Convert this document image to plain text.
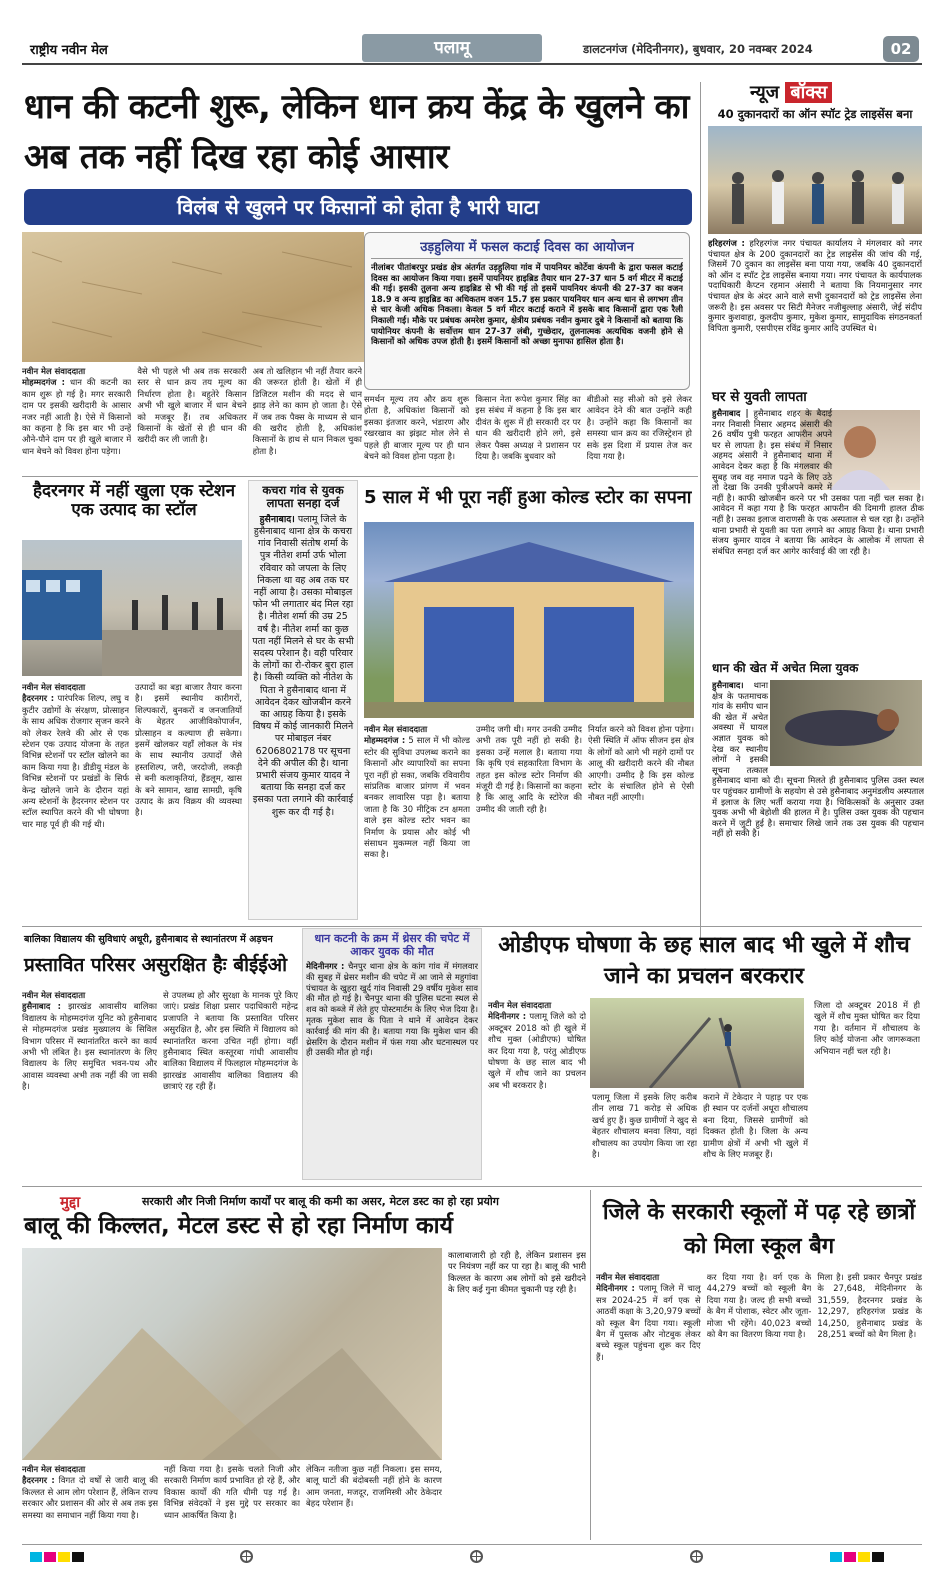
राष्ट्रीय नवीन मेल	पलामू	डालटनगंज (मेदिनीनगर), बुधवार, 20 नवम्बर 2024	02
धान की कटनी शुरू, लेकिन धान क्रय केंद्र के खुलने का अब तक नहीं दिख रहा कोई आसार
विलंब से खुलने पर किसानों को होता है भारी घाटा
उड़हुलिया में फसल कटाई दिवस का आयोजन

नीलांबर पीतांबरपुर प्रखंड क्षेत्र अंतर्गत उड़हुलिया गांव में पायनियर कोर्टेवा कंपनी के द्वारा फसल कटाई दिवस का आयोजन किया गया। इसमें पायनियर हाइब्रिड तैयार धान 27-37 धान 5 वर्ग मीटर में कटाई की गई। इसकी तुलना अन्य हाइब्रिड से भी की गई तो इसमें पायनियर कंपनी की 27-37 का वजन 18.9 व अन्य हाइब्रिड का अधिकतम वजन 15.7 इस प्रकार पायनियर धान अन्य धान से लगभग तीन से चार केजी अधिक निकला। केवल 5 वर्ग मीटर कटाई कराने में इसके बाद किसानों द्वारा एक रैली निकाली गई। मौके पर प्रबंधक अमरेश कुमार, क्षेत्रीय प्रबंधक नवीन कुमार दुबे ने किसानों को बताया कि पायोनियर कंपनी के सर्वोत्तम धान 27-37 लंबी, गुच्छेदार, तुलनात्मक अत्यधिक वजनी होने से किसानों को अधिक उपज होती है। इसमें किसानों को अच्छा मुनाफा हासिल होता है।

नवीन मेल संवाददाता
मोहम्मदगंज : धान की कटनी का काम शुरू हो गई है। मगर सरकारी दाम पर इसकी खरीदारी के आसार नजर नहीं आती है। ऐसे में किसानों का कहना है कि इस बार भी उन्हें औने-पौने दाम पर ही खुले बाजार में धान बेचने को विवश होना पड़ेगा।

वैसे भी पहले भी अब तक सरकारी स्तर से धान क्रय तय मूल्य का निर्धारण होता है। बहुतेरे किसान अभी भी खुले बाजार में धान बेचने को मजबूर हैं। तब अधिकतर किसानों के खेतों से ही धान की खरीदी कर ली जाती है।

अब तो खलिहान भी नहीं तैयार करने की जरूरत होती है। खेतों में ही डिजिटल मशीन की मदद से धान झाड़ लेने का काम हो जाता है। ऐसे में जब तक पैक्स के माध्यम से धान की खरीद होती है, अधिकांश किसानों के हाथ से धान निकल चुका होता है।

समर्थन मूल्य तय और क्रय शुरू होता है, अधिकांश किसानों को इसका इंतजार करने, भंडारण और रखरखाव का झंझट मोल लेने से पहले ही बाजार मूल्य पर ही धान बेचने को विवश होना पड़ता है।

किसान नेता रूपेश कुमार सिंह का इस संबंध में कहना है कि इस बार दीवंत के शुरू में ही सरकारी दर पर धान की खरीदारी होने लगे, इसे लेकर पैक्स अध्यक्ष ने प्रशासन पर दिया है। जबकि बुधवार को

बीडीओ सह सीओ को इसे लेकर आवेदन देने की बात उन्होंने कही है। उन्होंने कहा कि किसानों का समस्या धान क्रय का रजिस्ट्रेशन हो सके इस दिशा में प्रयास तेज कर दिया गया है।

न्यूज बॉक्स
40 दुकानदारों का ऑन स्पॉट ट्रेड लाइसेंस बना

हरिहरगंज : हरिहरगंज नगर पंचायत कार्यालय ने मंगलवार को नगर पंचायत क्षेत्र के 200 दुकानदारों का ट्रेड लाइसेंस की जांच की गई, जिसमें 70 दुकान का लाइसेंस बना पाया गया, जबकि 40 दुकानदारों को ऑन द स्पॉट ट्रेड लाइसेंस बनाया गया। नगर पंचायत के कार्यपालक पदाधिकारी कैप्टन रहमान अंसारी ने बताया कि नियमानुसार नगर पंचायत क्षेत्र के अंदर आने वाले सभी दुकानदारों को ट्रेड लाइसेंस लेना जरूरी है। इस अवसर पर सिटी मैनेजर नजीबुल्लाह अंसारी, जेई संदीप कुमार कुशवाहा, कुलदीप कुमार, मुकेश कुमार, सामुदायिक संगठनकर्ता विपिता कुमारी, एसपीएस रविंद्र कुमार आदि उपस्थित थे।

घर से युवती लापता

हुसैनाबाद | हुसैनाबाद शहर के बैदाई नगर निवासी निसार अहमद अंसारी की 26 वर्षीय पुत्री फरहत आफरीन अपने घर से लापता है। इस संबंध में निसार अहमद अंसारी ने हुसैनाबाद थाना में आवेदन देकर कहा है कि मंगलवार की सुबह जब वह नमाज पढ़ने के लिए उठे तो देखा कि उनकी पुत्रीअपने कमरे में नहीं है। काफी खोजबीन करने पर भी उसका पता नहीं चल सका है। आवेदन में कहा गया है कि फरहत आफरीन की दिमागी हालत ठीक नहीं है। उसका इलाज वाराणसी के एक अस्पताल से चल रहा है। उन्होंने थाना प्रभारी से युवती का पता लगाने का आग्रह किया है। थाना प्रभारी संजय कुमार यादव ने बताया कि आवेदन के आलोक में लापता से संबंधित सनहा दर्ज कर आगेर कार्रवाई की जा रही है।

धान की खेत में अचेत मिला युवक

हुसैनाबाद। थाना क्षेत्र के फतमाचक गांव के समीप धान की खेत में अचेत अवस्था में घायल अज्ञात युवक को देख कर स्थानीय लोगों ने इसकी सूचना तत्काल हुसैनाबाद थाना को दी। सूचना मिलते ही हुसैनाबाद पुलिस उक्त स्थल पर पहुंचकर ग्रामीणों के सहयोग से उसे हुसैनाबाद अनुमंडलीय अस्पताल में इलाज के लिए भर्ती कराया गया है। चिकित्सकों के अनुसार उक्त युवक अभी भी बेहोशी की हालत में है। पुलिस उक्त युवक की पहचान करने में जुटी हुई है। समाचार लिखे जाने तक उस युवक की पहचान नहीं हो सकी है।

हैदरनगर में नहीं खुला एक स्टेशन एक उत्पाद का स्टॉल

नवीन मेल संवाददाता
हैदरनगर : पारंपरिक शिल्प, लघु व कुटीर उद्योगों के संरक्षण, प्रोत्साहन के साथ अधिक रोजगार सृजन करने को लेकर रेलवे की ओर से एक स्टेशन एक उत्पाद योजना के तहत विभिन्न स्टेशनों पर स्टॉल खोलने का काम किया गया है। डीडीयू मंडल के विभिन्न स्टेशनों पर प्रखंडों के सिर्फ केन्द्र खोलने जाने के दौरान यहां अन्य स्टेशनों के हैदरनगर स्टेशन पर स्टॉल स्थापित करने की भी घोषणा चार माह पूर्व ही की गई थी।

उत्पादों का बड़ा बाजार तैयार करना है। इसमें स्थानीय कारीगरों, शिल्पकारों, बुनकरों व जनजातियों के बेहतर आजीविकोपार्जन, प्रोत्साहन व कल्याण ही सकेगा। इसमें खोलकर यहाँ लोकल के मंत्र के साथ स्थानीय उत्पादों जैसे हस्तशिल्प, जरी, जरदोजी, लकड़ी से बनी कलाकृतियां, हैंडलूम, खास के बने सामान, खाद्य सामग्री, कृषि उत्पाद के क्रय विक्रय की व्यवस्था है।

कचरा गांव से युवक लापता सनहा दर्ज

हुसैनाबाद। पलामू जिले के हुसैनाबाद थाना क्षेत्र के कचरा गांव निवासी संतोष शर्मा के पुत्र नीतेश शर्मा उर्फ भोला रविवार को जपला के लिए निकला था वह अब तक घर नहीं आया है। उसका मोबाइल फोन भी लगातार बंद मिल रहा है। नीतेश शर्मा की उम्र 25 वर्ष है। नीतेश शर्मा का कुछ पता नहीं मिलने से घर के सभी सदस्य परेशान है। वही परिवार के लोगों का रो-रोकर बुरा हाल है। किसी व्यक्ति को नीतेश के पिता ने हुसैनाबाद थाना में आवेदन देकर खोजबीन करने का आग्रह किया है। इसके विषय में कोई जानकारी मिलने पर मोबाइल नंबर 6206802178 पर सूचना देने की अपील की है। थाना प्रभारी संजय कुमार यादव ने बताया कि सनहा दर्ज कर इसका पता लगाने की कार्रवाई शुरू कर दी गई है।

5 साल में भी पूरा नहीं हुआ कोल्ड स्टोर का सपना

नवीन मेल संवाददाता
मोहम्मदगंज : 5 साल में भी कोल्ड स्टोर की सुविधा उपलब्ध कराने का किसानों और व्यापारियों का सपना पूरा नहीं हो सका, जबकि रविवारीय सांप्रतिक बाजार प्रांगण में भवन बनकर लावारिस पड़ा है। बताया जाता है कि 30 मीट्रिक टन क्षमता वाले इस कोल्ड स्टोर भवन का निर्माण के प्रयास और कोई भी संसाधन मुकम्मल नहीं किया जा सका है।

उम्मीद जगी थी। मगर उनकी उम्मीद अभी तक पूरी नहीं हो सकी है। इसका उन्हें मलाल है। बताया गया कि कृषि एवं सहकारिता विभाग के तहत इस कोल्ड स्टोर निर्माण की मंजूरी दी गई है। किसानों का कहना है कि आलू आदि के स्टोरेज की उम्मीद की जाती रही है।

निर्यात करने को विवश होना पड़ेगा। ऐसी स्थिति में ऑफ सीजन इस क्षेत्र के लोगों को आगे भी महंगे दामों पर आलू की खरीदारी करने की नौबत आएगी। उम्मीद है कि इस कोल्ड स्टोर के संचालित होने से ऐसी नौबत नहीं आएगी।

बालिका विद्यालय की सुविधाएं अधूरी, हुसैनाबाद से स्थानांतरण में अड़चन
प्रस्तावित परिसर असुरक्षित हैः बीईईओ

नवीन मेल संवाददाता
हुसैनाबाद : झारखंड आवासीय बालिका विद्यालय के मोहम्मदगंज यूनिट को हुसैनाबाद से मोहम्मदगंज प्रखंड मुख्यालय के सिविल विभाग परिसर में स्थानांतरित करने का कार्य अभी भी लंबित है। इस स्थानांतरण के लिए विद्यालय के लिए समुचित भवन-पथ और आवास व्यवस्था अभी तक नहीं की जा सकी है।

से उपलब्ध हो और सुरक्षा के मानक पूरे किए जाएं। प्रखंड शिक्षा प्रसार पदाधिकारी महेन्द्र प्रजापति ने बताया कि प्रस्तावित परिसर असुरक्षित है, और इस स्थिति में विद्यालय को स्थानांतरित करना उचित नहीं होगा। वहीं हुसैनाबाद स्थित कस्तूरबा गांधी आवासीय बालिका विद्यालय में फिलहाल मोहम्मदगंज के झारखंड आवासीय बालिका विद्यालय की छात्राएं रह रही हैं।

धान कटनी के क्रम में थ्रेसर की चपेट में आकर युवक की मौत

मेदिनीनगर : चैनपुर थाना क्षेत्र के कांग गांव में मंगलवार की सुबह में थ्रेसर मशीन की चपेट में आ जाने से महुगांवा पंचायत के खुहरा खुर्द गांव निवासी 29 वर्षीय मुकेश साव की मौत हो गई है। चैनपुर थाना की पुलिस घटना स्थल से शव को कब्जे में लेते हुए पोस्टमार्टम के लिए भेज दिया है। मृतक मुकेश साव के पिता ने थाने में आवेदन देकर कार्रवाई की मांग की है। बताया गया कि मुकेश धान की थ्रेसरिंग के दौरान मशीन में फंस गया और घटनास्थल पर ही उसकी मौत हो गई।

ओडीएफ घोषणा के छह साल बाद भी खुले में शौच जाने का प्रचलन बरकरार

नवीन मेल संवाददाता
मेदिनीनगर : पलामू जिले को दो अक्टूबर 2018 को ही खुले में शौच मुक्त (ओडीएफ) घोषित कर दिया गया है, परंतु ओडीएफ घोषणा के छह साल बाद भी खुले में शौच जाने का प्रचलन अब भी बरकरार है।

पलामू जिला में इसके लिए करीब तीन लाख 71 करोड़ से अधिक खर्च हुए हैं। कुछ ग्रामीणों ने खुद से बेहतर शौचालय बनवा लिया, वहां शौचालय का उपयोग किया जा रहा है।

कराने में टेकेदार ने पहाड़ पर एक ही स्थान पर दर्जनों अधूरा शौचालय बना दिया, जिससे ग्रामीणों को दिक्कत होती है। जिला के अन्य ग्रामीण क्षेत्रों में अभी भी खुले में शौच के लिए मजबूर हैं।

जिला दो अक्टूबर 2018 में ही खुले में शौच मुक्त घोषित कर दिया गया है। वर्तमान में शौचालय के लिए कोई योजना और जागरूकता अभियान नहीं चल रही है।

मुद्दा	सरकारी और निजी निर्माण कार्यों पर बालू की कमी का असर, मेटल डस्ट का हो रहा प्रयोग
बालू की किल्लत, मेटल डस्ट से हो रहा निर्माण कार्य

नवीन मेल संवाददाता
हैदरनगर : विगत दो वर्षों से जारी बालू की किल्लत से आम लोग परेशान हैं, लेकिन राज्य सरकार और प्रशासन की ओर से अब तक इस समस्या का समाधान नहीं किया गया है।

नहीं किया गया है। इसके चलते निजी और सरकारी निर्माण कार्य प्रभावित हो रहे हैं, और विकास कार्यों की गति धीमी पड़ गई है। विभिन्न संवेदकों ने इस मुद्दे पर सरकार का ध्यान आकर्षित किया है।

लेकिन नतीजा कुछ नहीं निकला। इस समय, बालू घाटों की बंदोबस्ती नहीं होने के कारण आम जनता, मजदूर, राजमिस्त्री और ठेकेदार बेहद परेशान हैं।

कालाबाजारी हो रही है, लेकिन प्रशासन इस पर नियंत्रण नहीं कर पा रहा है। बालू की भारी किल्लत के कारण अब लोगों को इसे खरीदने के लिए कई गुना कीमत चुकानी पड़ रही है।

जिले के सरकारी स्कूलों में पढ़ रहे छात्रों को मिला स्कूल बैग

नवीन मेल संवाददाता
मेदिनीनगर : पलामू जिले में चालू सत्र 2024-25 में वर्ग एक से आठवीं कक्षा के 3,20,979 बच्चों को स्कूल बैग दिया गया। स्कूली बैग में पुस्तक और नोटबुक लेकर बच्चे स्कूल पहुंचना शुरू कर दिए हैं।

कर दिया गया है। वर्ग एक के 44,279 बच्चों को स्कूली बैग दिया गया है। जल्द ही सभी बच्चों के बैग में पोशाक, स्वेटर और जूता-मोजा भी रहेंगे। 40,023 बच्चों को बैग का वितरण किया गया है।

मिला है। इसी प्रकार चैनपुर प्रखंड के 27,648, मेदिनीनगर के 31,559, हैदरनगर प्रखंड के 12,297, हरिहरगंज प्रखंड के 14,250, हुसैनाबाद प्रखंड के 28,251 बच्चों को बैग मिला है।
